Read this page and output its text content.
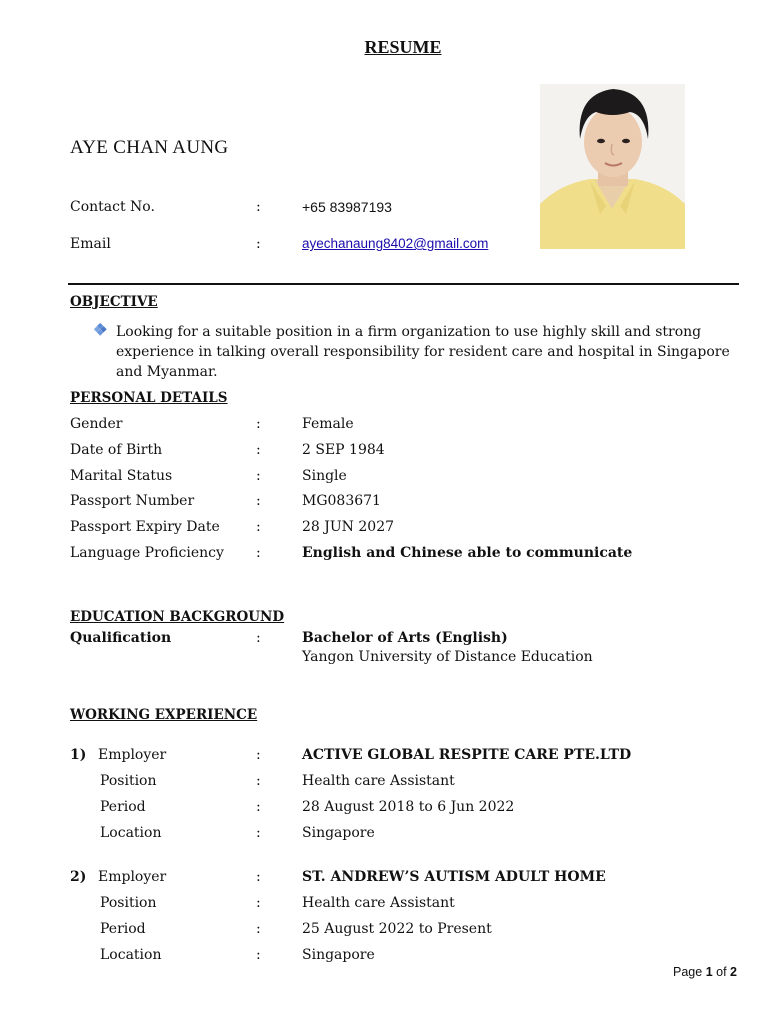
RESUME
AYE CHAN AUNG
Contact No.	:	+65 83987193
Email	:	ayechanaung8402@gmail.com
OBJECTIVE
Looking for a suitable position in a firm organization to use highly skill and strong experience in talking overall responsibility for resident care and hospital in Singapore and Myanmar.
PERSONAL DETAILS
Gender	:	Female
Date of Birth	:	2 SEP 1984
Marital Status	:	Single
Passport Number	:	MG083671
Passport Expiry Date	:	28 JUN 2027
Language Proficiency :	English and Chinese able to communicate
EDUCATION BACKGROUND
Qualification	:	Bachelor of Arts (English)
Yangon University of Distance Education
WORKING EXPERIENCE
1) Employer	:	ACTIVE GLOBAL RESPITE CARE PTE.LTD
Position	:	Health care Assistant
Period	:	28 August 2018 to 6 Jun 2022
Location	:	Singapore
2) Employer	:	ST. ANDREW’S AUTISM ADULT HOME
Position	:	Health care Assistant
Period	:	25 August 2022 to Present
Location	:	Singapore
Page 1 of 2
